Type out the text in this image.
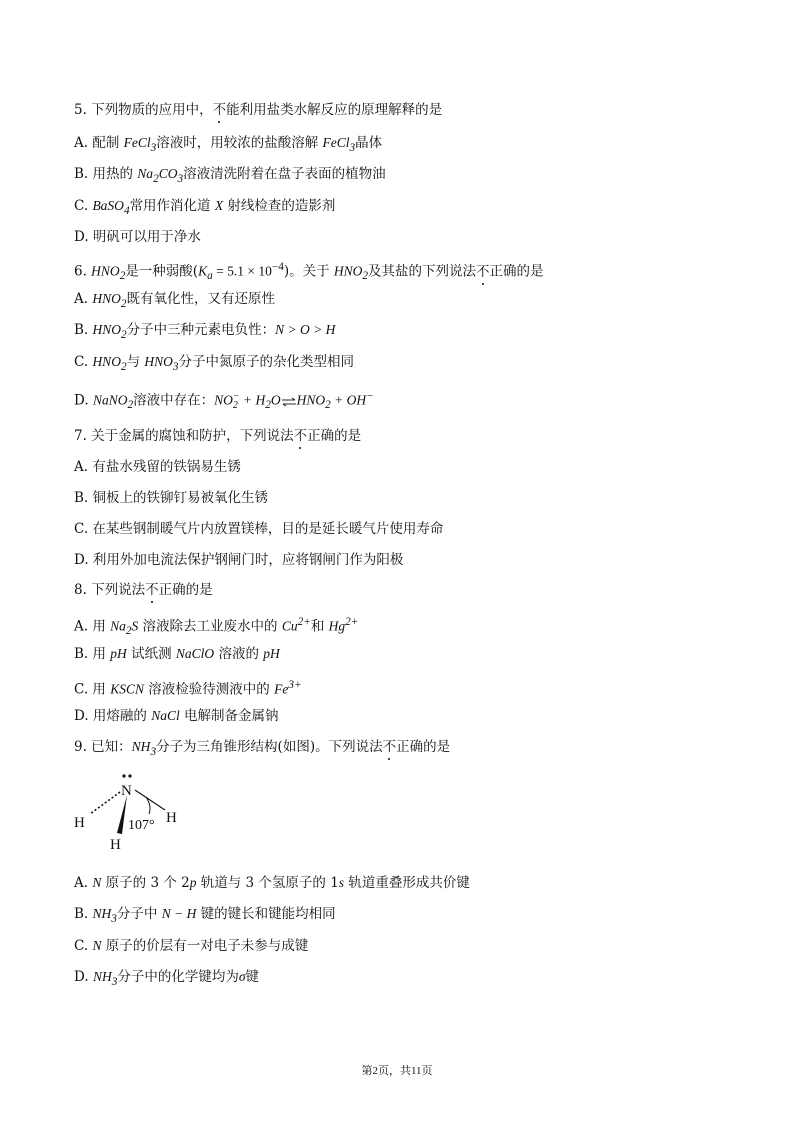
5. 下列物质的应用中，不能利用盐类水解反应的原理解释的是
A. 配制 FeCl$_3$溶液时，用较浓的盐酸溶解 FeCl$_3$晶体
B. 用热的 $Na_2CO_3$溶液清洗附着在盘子表面的植物油
C. BaSO$_4$常用作消化道 X 射线检查的造影剂
D. 明矾可以用于净水
6. $HNO_2$是一种弱酸$(K_a = 5.1 \times 10^{-4})$。关于 $HNO_2$及其盐的下列说法不正确的是
A. $HNO_2$既有氧化性，又有还原性
B. $HNO_2$分子中三种元素电负性：N > O > H
C. $HNO_2$与 $HNO_3$分子中氮原子的杂化类型相同
D. NaNO$_2$溶液中存在：NO −
$2 + H_2O\rightleftharpoons HNO_2 + OH^-$
7. 关于金属的腐蚀和防护，下列说法不正确的是
A. 有盐水残留的铁锅易生锈
B. 铜板上的铁铆钉易被氧化生锈
C. 在某些钢制暖气片内放置镁棒，目的是延长暖气片使用寿命
D. 利用外加电流法保护钢闸门时，应将钢闸门作为阳极
8. 下列说法不正确的是
A. 用 $Na_2S$ 溶液除去工业废水中的 $Cu^{2+}$和 $Hg^{2+}$
B. 用 pH 试纸测 NaClO 溶液的 pH
C. 用 KSCN 溶液检验待测液中的 $Fe^{3+}$
D. 用熔融的 NaCl 电解制备金属钠
9. 已知：$NH_3$分子为三角锥形结构(如图)。下列说法不正确的是
N
H	H
H
107°
A. N 原子的 3 个 2p 轨道与 3 个氢原子的 1s 轨道重叠形成共价键
B. $NH_3$分子中 N − H 键的键长和键能均相同
C. N 原子的价层有一对电子未参与成键
D. $NH_3$分子中的化学键均为σ键
第2页，共11页
